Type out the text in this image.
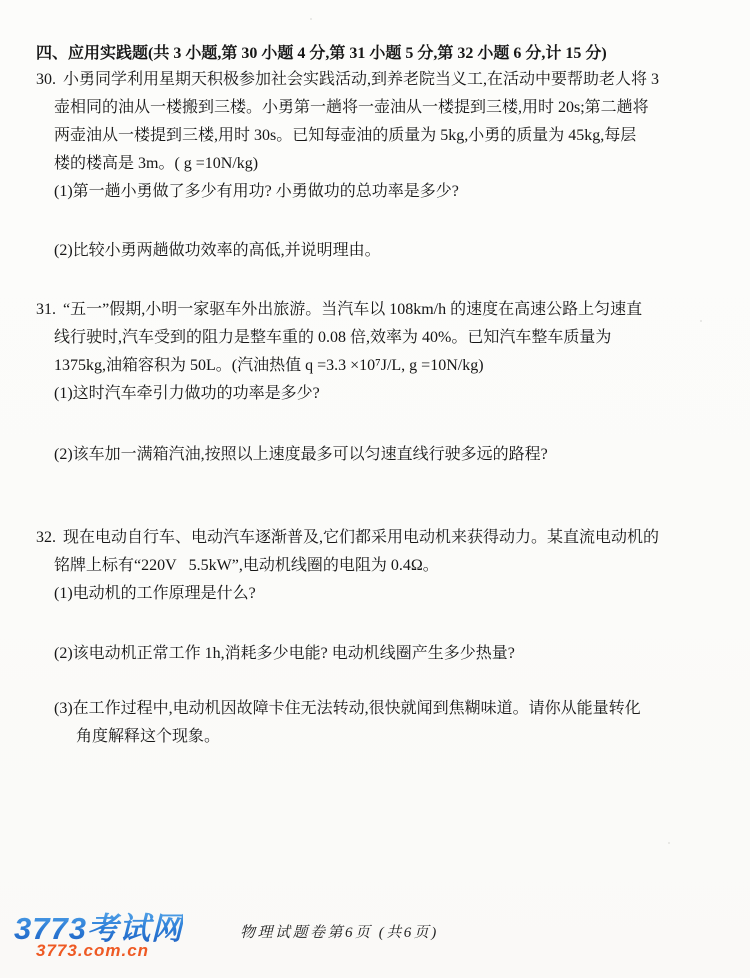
四、应用实践题(共 3 小题,第 30 小题 4 分,第 31 小题 5 分,第 32 小题 6 分,计 15 分)
30. 小勇同学利用星期天积极参加社会实践活动,到养老院当义工,在活动中要帮助老人将 3
壶相同的油从一楼搬到三楼。小勇第一趟将一壶油从一楼提到三楼,用时 20s;第二趟将
两壶油从一楼提到三楼,用时 30s。已知每壶油的质量为 5kg,小勇的质量为 45kg,每层
楼的楼高是 3m。( g =10N/kg)
(1)第一趟小勇做了多少有用功? 小勇做功的总功率是多少?
(2)比较小勇两趟做功效率的高低,并说明理由。
31. “五一”假期,小明一家驱车外出旅游。当汽车以 108km/h 的速度在高速公路上匀速直
线行驶时,汽车受到的阻力是整车重的 0.08 倍,效率为 40%。已知汽车整车质量为
1375kg,油箱容积为 50L。(汽油热值 q =3.3 ×10⁷J/L, g =10N/kg)
(1)这时汽车牵引力做功的功率是多少?
(2)该车加一满箱汽油,按照以上速度最多可以匀速直线行驶多远的路程?
32. 现在电动自行车、电动汽车逐渐普及,它们都采用电动机来获得动力。某直流电动机的
铭牌上标有“220V   5.5kW”,电动机线圈的电阻为 0.4Ω。
(1)电动机的工作原理是什么?
(2)该电动机正常工作 1h,消耗多少电能? 电动机线圈产生多少热量?
(3)在工作过程中,电动机因故障卡住无法转动,很快就闻到焦糊味道。请你从能量转化
角度解释这个现象。
3773考试网
3773.com.cn
物理试题卷第6页 (共6页)
